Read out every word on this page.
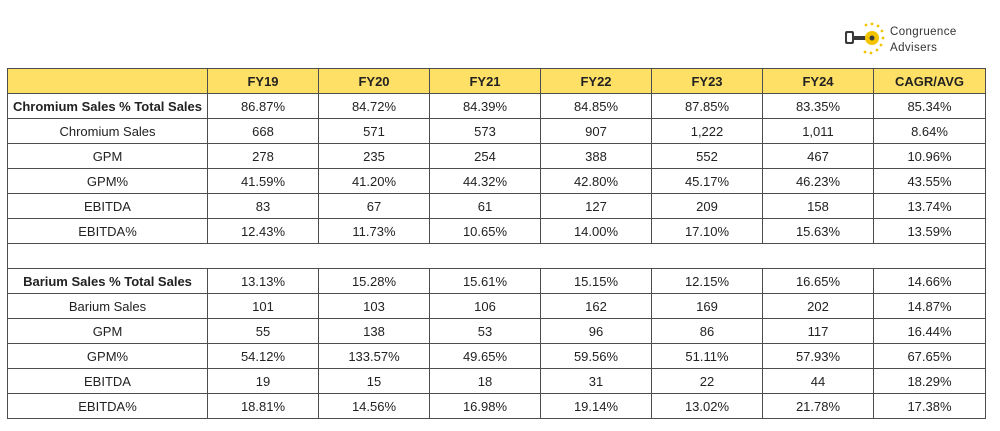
Congruence
Advisers
	FY19	FY20	FY21	FY22	FY23	FY24	CAGR/AVG
Chromium Sales % Total Sales	86.87%	84.72%	84.39%	84.85%	87.85%	83.35%	85.34%
Chromium Sales	668	571	573	907	1,222	1,011	8.64%
GPM	278	235	254	388	552	467	10.96%
GPM%	41.59%	41.20%	44.32%	42.80%	45.17%	46.23%	43.55%
EBITDA	83	67	61	127	209	158	13.74%
EBITDA%	12.43%	11.73%	10.65%	14.00%	17.10%	15.63%	13.59%

Barium Sales % Total Sales	13.13%	15.28%	15.61%	15.15%	12.15%	16.65%	14.66%
Barium Sales	101	103	106	162	169	202	14.87%
GPM	55	138	53	96	86	117	16.44%
GPM%	54.12%	133.57%	49.65%	59.56%	51.11%	57.93%	67.65%
EBITDA	19	15	18	31	22	44	18.29%
EBITDA%	18.81%	14.56%	16.98%	19.14%	13.02%	21.78%	17.38%
